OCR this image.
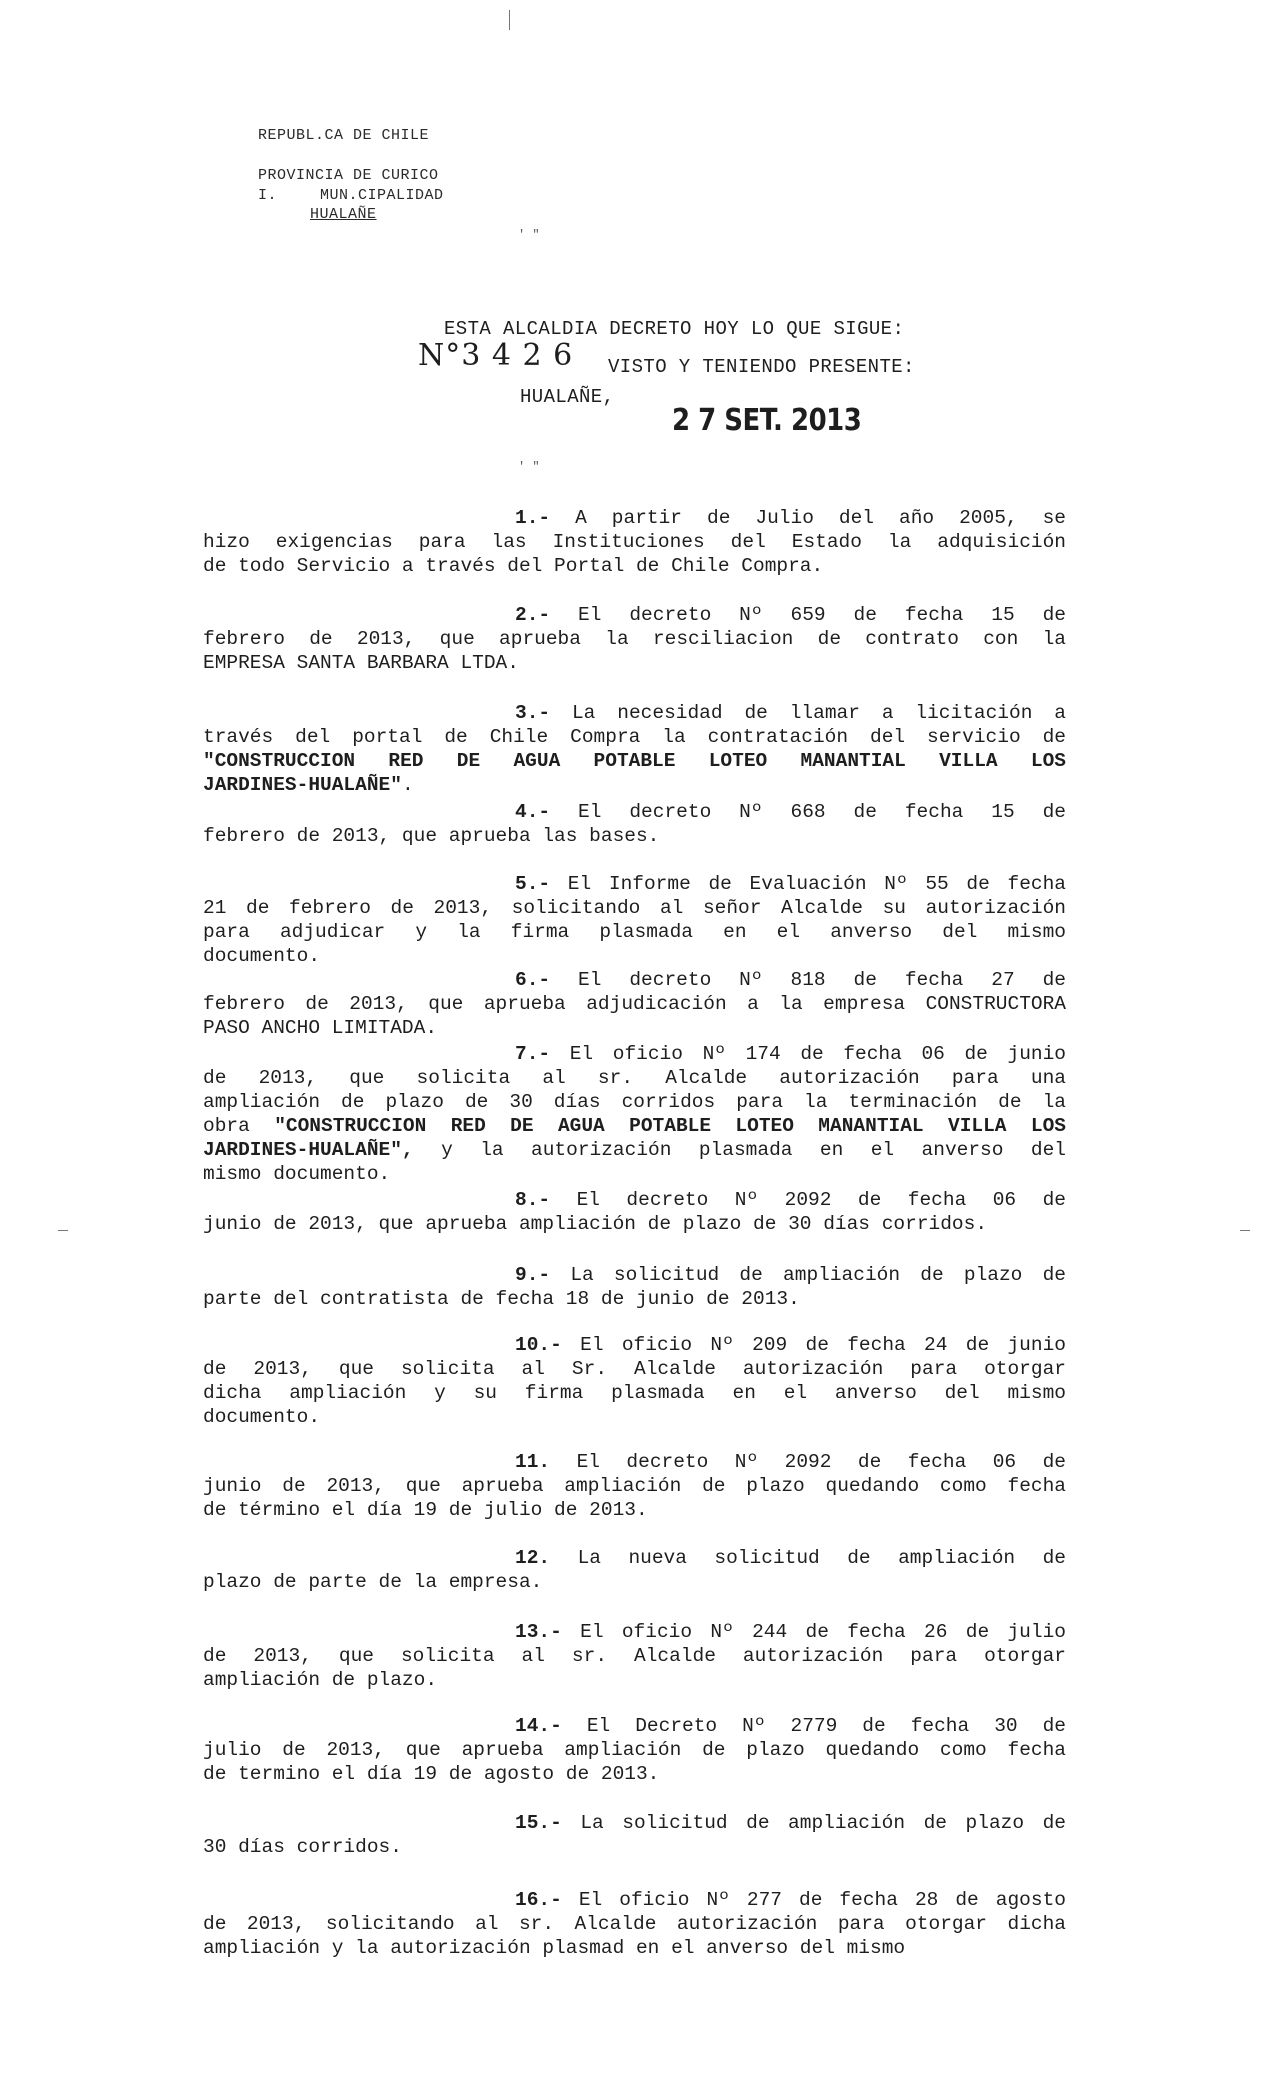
′ ″
′ ″
REPUBL.CA DE CHILE
PROVINCIA DE CURICO
I.	MUN.CIPALIDAD
HUALAÑE
ESTA ALCALDIA DECRETO HOY LO QUE SIGUE:
N°3 4 2 6 VISTO Y TENIENDO PRESENTE:
HUALAÑE,
2 7 SET. 2013
1.- A partir de Julio del año 2005, se
hizo exigencias para las Instituciones del Estado la adquisición
de todo Servicio a través del Portal de Chile Compra.
2.- El decreto Nº 659 de fecha 15 de
febrero de 2013, que aprueba la resciliacion de contrato con la
EMPRESA SANTA BARBARA LTDA.
3.- La necesidad de llamar a licitación a
través del portal de Chile Compra la contratación del servicio de
"CONSTRUCCION RED DE AGUA POTABLE LOTEO MANANTIAL VILLA LOS
JARDINES-HUALAÑE".
4.- El decreto Nº 668 de fecha 15 de
febrero de 2013, que aprueba las bases.
5.- El Informe de Evaluación Nº 55 de fecha
21 de febrero de 2013, solicitando al señor Alcalde su autorización
para adjudicar y la firma plasmada en el anverso del mismo
documento.
6.- El decreto Nº 818 de fecha 27 de
febrero de 2013, que aprueba adjudicación a la empresa CONSTRUCTORA
PASO ANCHO LIMITADA.
7.- El oficio Nº 174 de fecha 06 de junio
de 2013, que solicita al sr. Alcalde autorización para una
ampliación de plazo de 30 días corridos para la terminación de la
obra "CONSTRUCCION RED DE AGUA POTABLE LOTEO MANANTIAL VILLA LOS
JARDINES-HUALAÑE", y la autorización plasmada en el anverso del
mismo documento.
8.- El decreto Nº 2092 de fecha 06 de
junio de 2013, que aprueba ampliación de plazo de 30 días corridos.
9.- La solicitud de ampliación de plazo de
parte del contratista de fecha 18 de junio de 2013.
10.- El oficio Nº 209 de fecha 24 de junio
de 2013, que solicita al Sr. Alcalde autorización para otorgar
dicha ampliación y su firma plasmada en el anverso del mismo
documento.
11. El decreto Nº 2092 de fecha 06 de
junio de 2013, que aprueba ampliación de plazo quedando como fecha
de término el día 19 de julio de 2013.
12. La nueva solicitud de ampliación de
plazo de parte de la empresa.
13.- El oficio Nº 244 de fecha 26 de julio
de 2013, que solicita al sr. Alcalde autorización para otorgar
ampliación de plazo.
14.- El Decreto Nº 2779 de fecha 30 de
julio de 2013, que aprueba ampliación de plazo quedando como fecha
de termino el día 19 de agosto de 2013.
15.- La solicitud de ampliación de plazo de
30 días corridos.
16.- El oficio Nº 277 de fecha 28 de agosto
de 2013, solicitando al sr. Alcalde autorización para otorgar dicha
ampliación y la autorización plasmad en el anverso del mismo
